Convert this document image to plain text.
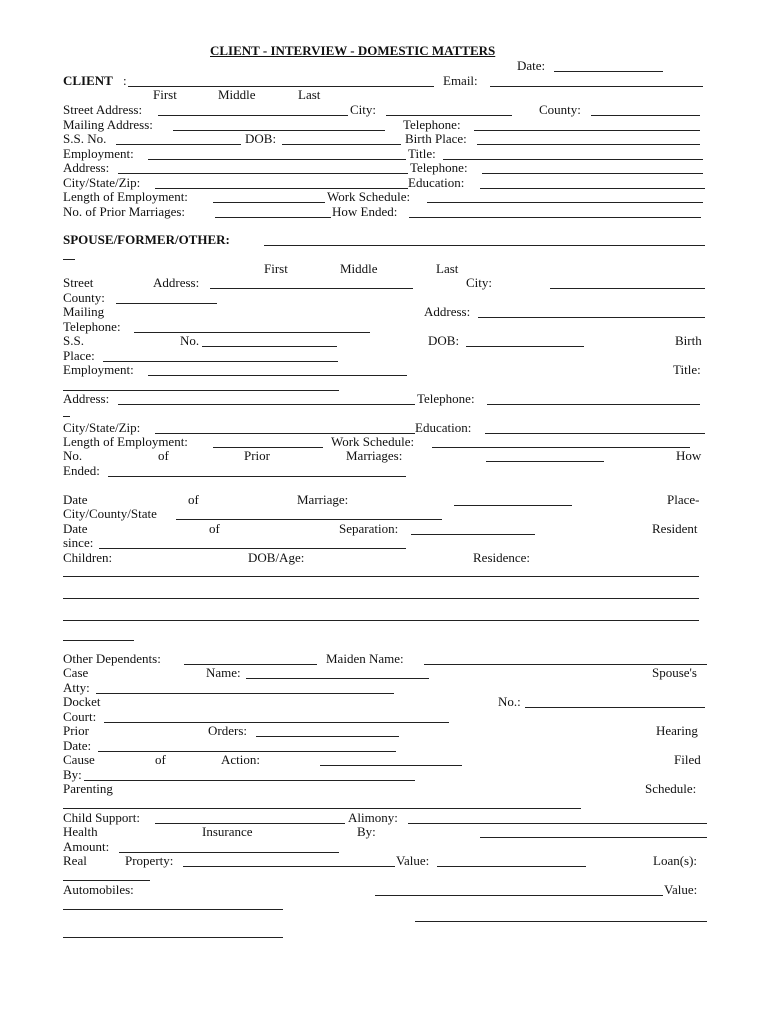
CLIENT - INTERVIEW - DOMESTIC MATTERS
Date:
CLIENT :	Email:
First	Middle	Last
Street Address:	City:	County:
Mailing Address:	Telephone:
S.S. No.	DOB:	Birth Place:
Employment:	Title:
Address:	Telephone:
City/State/Zip:	Education:
Length of Employment:	Work Schedule:
No. of Prior Marriages:	How Ended:
SPOUSE/FORMER/OTHER:
First	Middle	Last
Street	Address:	City:
County:
Mailing	Address:
Telephone:
S.S.	No.	DOB:	Birth
Place:
Employment:	Title:
Address:	Telephone:
City/State/Zip:	Education:
Length of Employment:	Work Schedule:
No.	of	Prior	Marriages:	How
Ended:
Date	of	Marriage:	Place-
City/County/State
Date	of	Separation:	Resident
since:
Children:	DOB/Age:	Residence:
Other Dependents:	Maiden Name:
Case	Name:	Spouse's
Atty:
Docket	No.:
Court:
Prior	Orders:	Hearing
Date:
Cause	of	Action:	Filed
By:
Parenting	Schedule:
Child Support:	Alimony:
Health	Insurance	By:
Amount:
Real	Property:	Value:	Loan(s):
Automobiles:	Value:
